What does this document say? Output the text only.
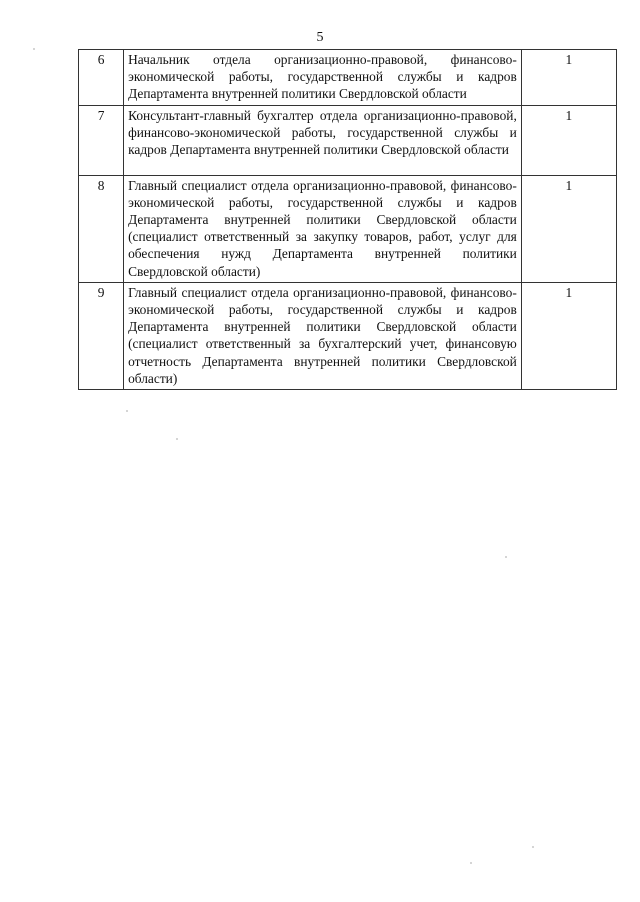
5
6	Начальник отдела организационно-правовой, финансово-экономической работы, государственной службы и кадров Департамента внутренней политики Свердловской области	1
7	Консультант-главный бухгалтер отдела организационно-правовой, финансово-экономической работы, государственной службы и кадров Департамента внутренней политики Свердловской области	1
8	Главный специалист отдела организационно-правовой, финансово-экономической работы, государственной службы и кадров Департамента внутренней политики Свердловской области (специалист ответственный за закупку товаров, работ, услуг для обеспечения нужд Департамента внутренней политики Свердловской области)	1
9	Главный специалист отдела организационно-правовой, финансово-экономической работы, государственной службы и кадров Департамента внутренней политики Свердловской области (специалист ответственный за бухгалтерский учет, финансовую отчетность Департамента внутренней политики Свердловской области)	1
